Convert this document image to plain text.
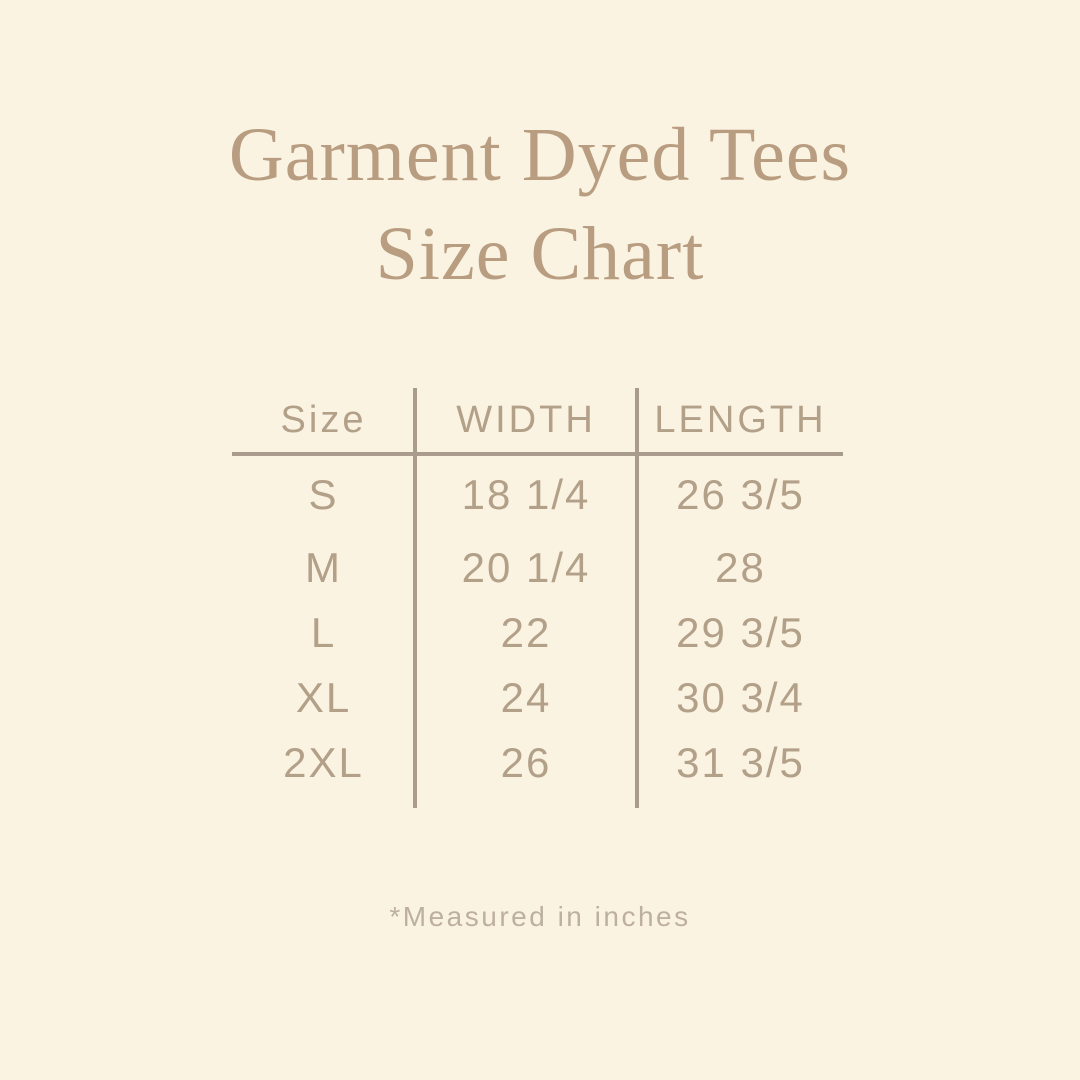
Garment Dyed Tees
Size Chart
Size	WIDTH	LENGTH
S	18 1/4	26 3/5
M	20 1/4	28
L	22	29 3/5
XL	24	30 3/4
2XL	26	31 3/5
*Measured in inches
